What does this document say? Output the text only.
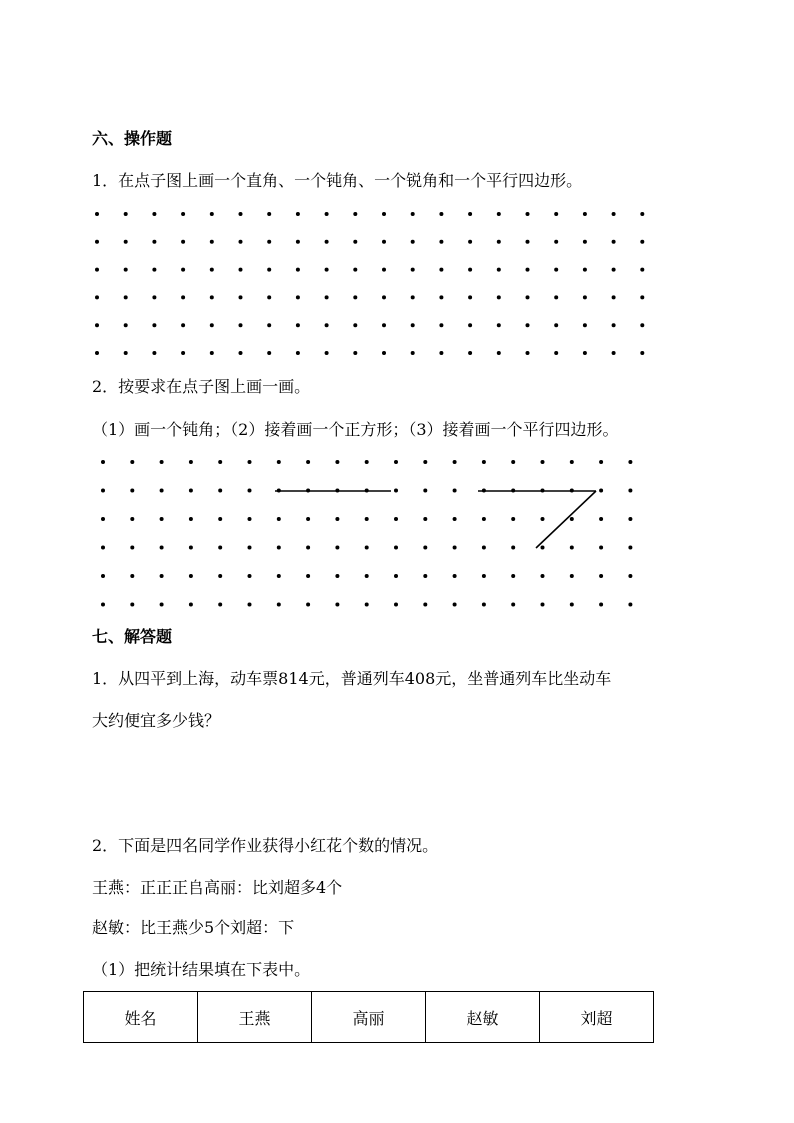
六、操作题
1．在点子图上画一个直角、一个钝角、一个锐角和一个平行四边形。
2．按要求在点子图上画一画。
（1）画一个钝角；（2）接着画一个正方形；（3）接着画一个平行四边形。
七、解答题
1．从四平到上海，动车票814元，普通列车408元，坐普通列车比坐动车
大约便宜多少钱？
2．下面是四名同学作业获得小红花个数的情况。
王燕：正正正𠂤高丽：比刘超多4个
赵敏：比王燕少5个刘超：下
（1）把统计结果填在下表中。
姓名	王燕	高丽	赵敏	刘超
